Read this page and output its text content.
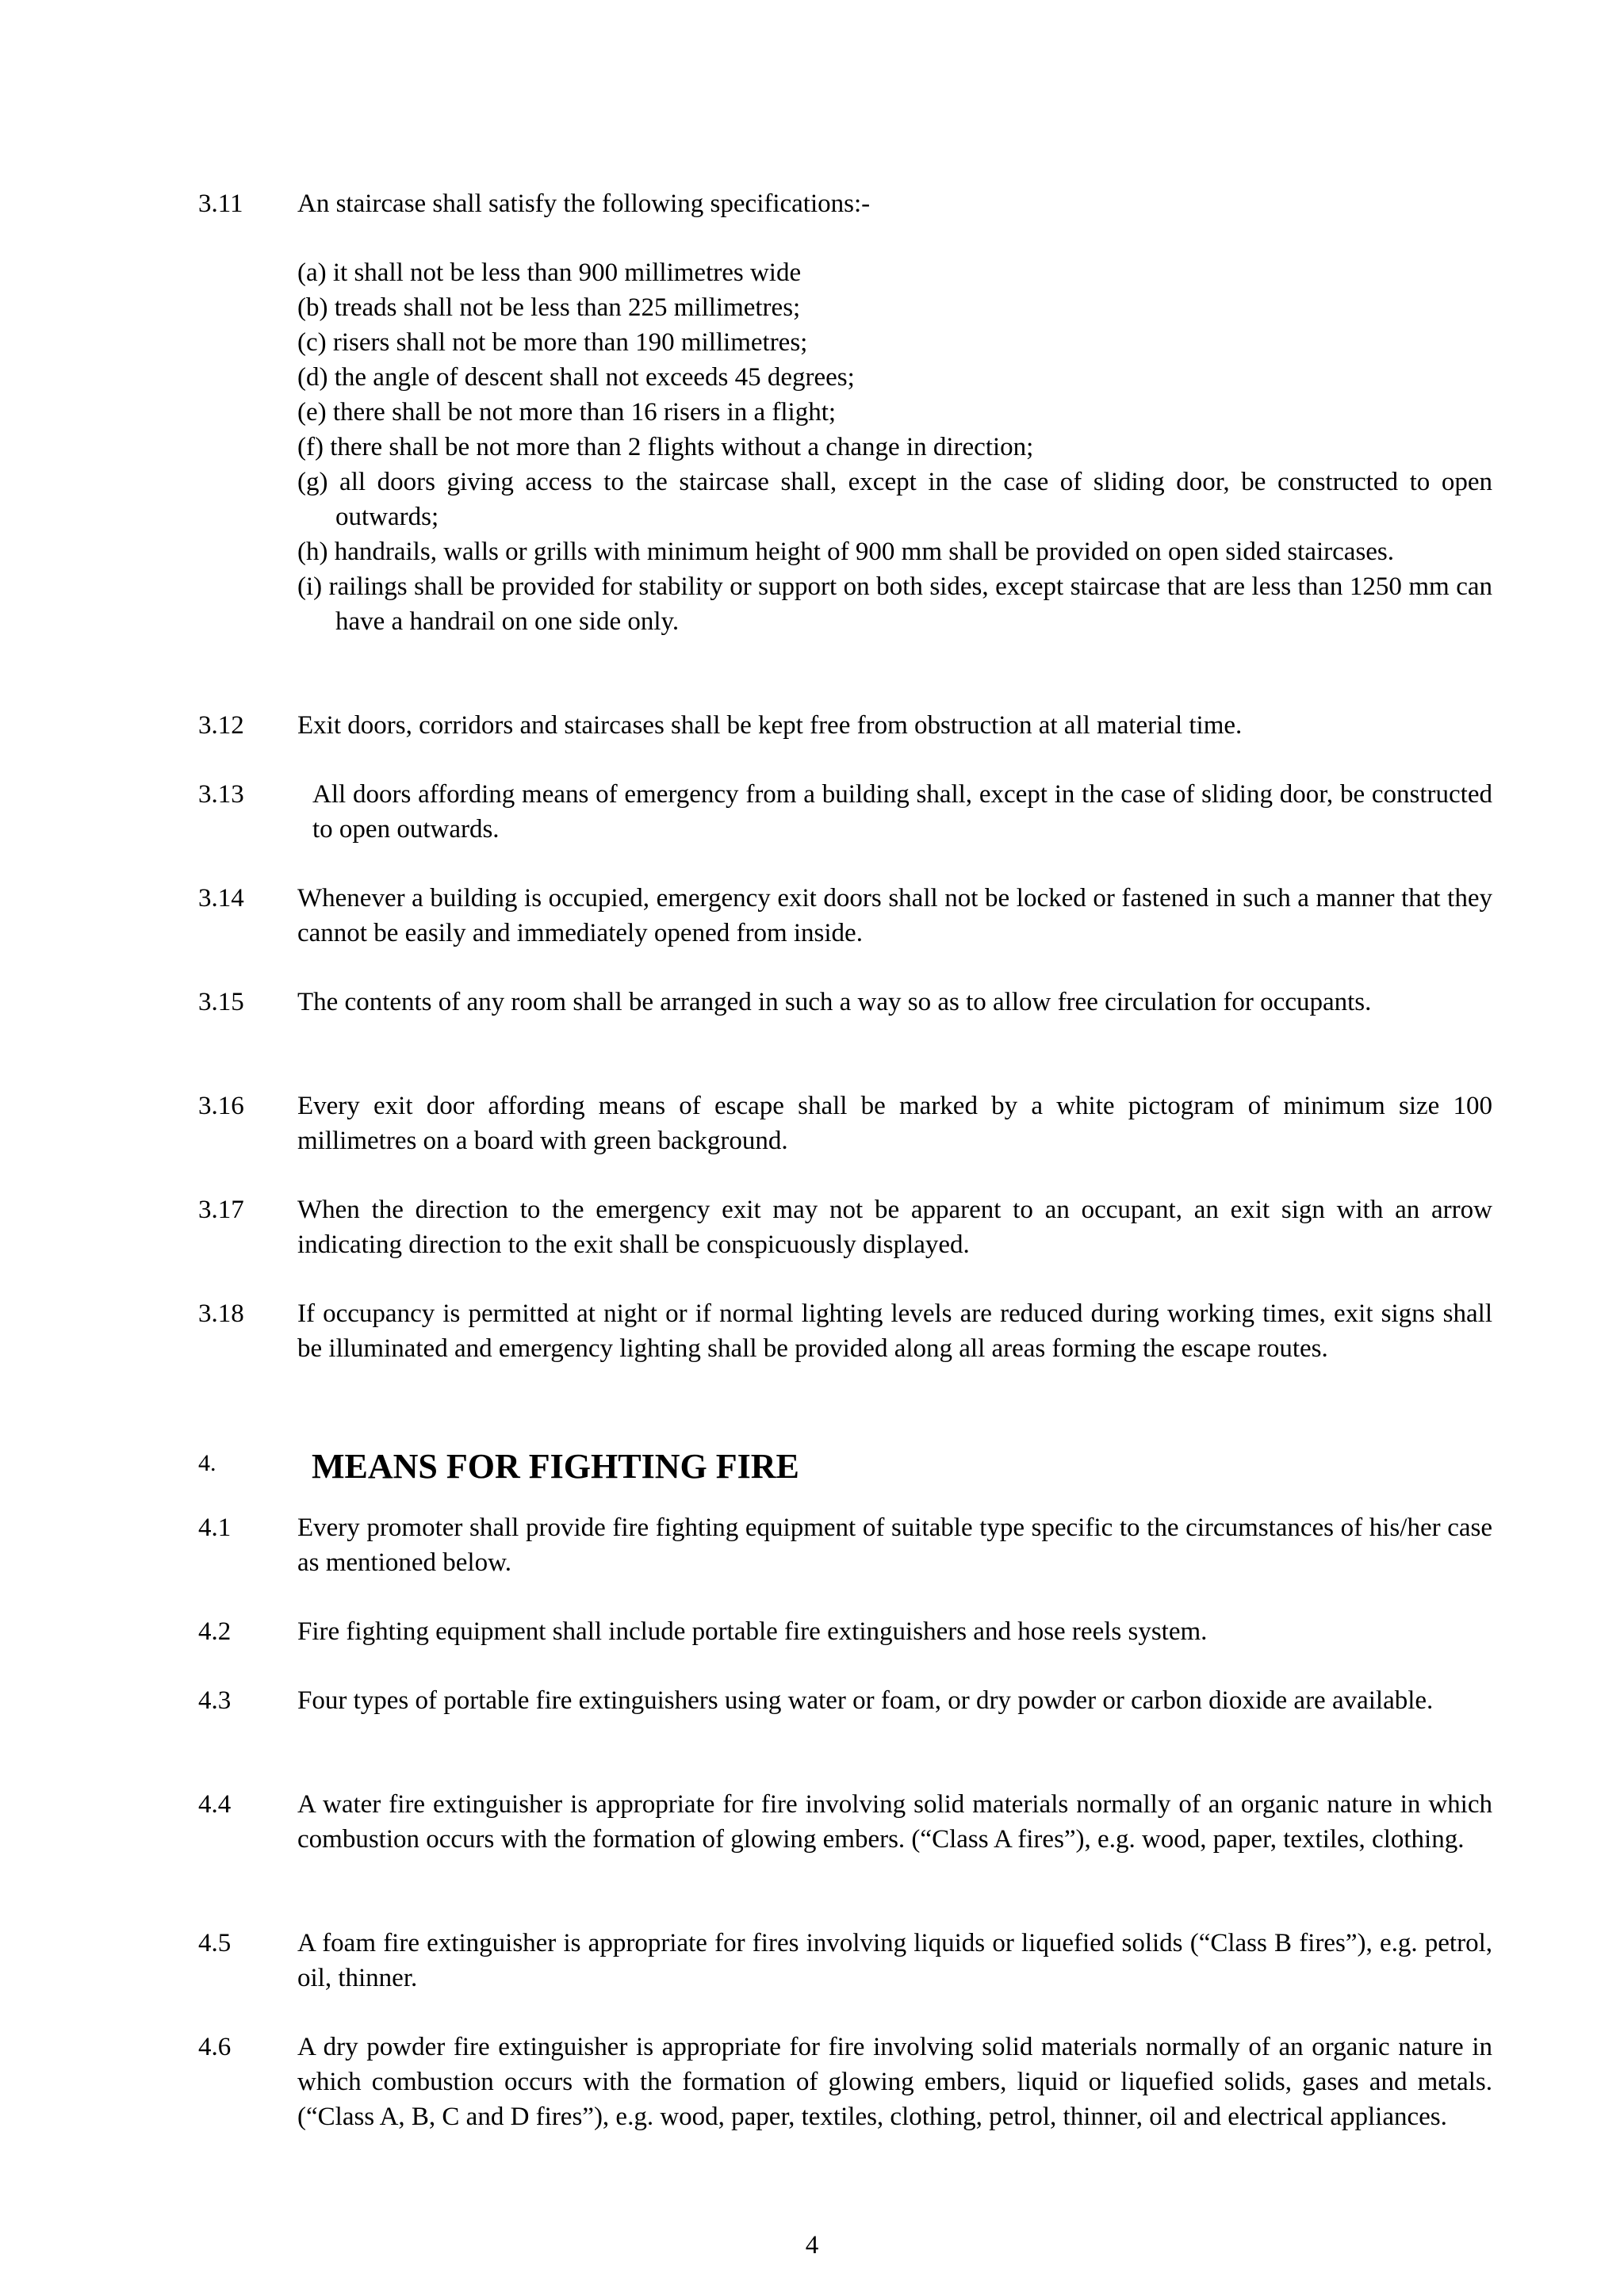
3.11	An staircase shall satisfy the following specifications:-
(a) it shall not be less than 900 millimetres wide
(b) treads shall not be less than 225 millimetres;
(c) risers shall not be more than 190 millimetres;
(d) the angle of descent shall not exceeds 45 degrees;
(e) there shall be not more than 16 risers in a flight;
(f) there shall be not more than 2 flights without a change in direction;
(g) all doors giving access to the staircase shall, except in the case of sliding door, be constructed to open outwards;
(h) handrails, walls or grills with minimum height of 900 mm shall be provided on open sided staircases.
(i) railings shall be provided for stability or support on both sides, except staircase that are less than 1250 mm can have a handrail on one side only.
3.12	Exit doors, corridors and staircases shall be kept free from obstruction at all material time.
3.13	All doors affording means of emergency from a building shall, except in the case of sliding door, be constructed to open outwards.
3.14	Whenever a building is occupied, emergency exit doors shall not be locked or fastened in such a manner that they cannot be easily and immediately opened from inside.
3.15	The contents of any room shall be arranged in such a way so as to allow free circulation for occupants.
3.16	Every exit door affording means of escape shall be marked by a white pictogram of minimum size 100 millimetres on a board with green background.
3.17	When the direction to the emergency exit may not be apparent to an occupant, an exit sign with an arrow indicating direction to the exit shall be conspicuously displayed.
3.18	If occupancy is permitted at night or if normal lighting levels are reduced during working times, exit signs shall be illuminated and emergency lighting shall be provided along all areas forming the escape routes.
4.	MEANS FOR FIGHTING FIRE
4.1	Every promoter shall provide fire fighting equipment of suitable type specific to the circumstances of his/her case as mentioned below.
4.2	Fire fighting equipment shall include portable fire extinguishers and hose reels system.
4.3	Four types of portable fire extinguishers using water or foam, or dry powder or carbon dioxide are available.
4.4	A water fire extinguisher is appropriate for fire involving solid materials normally of an organic nature in which combustion occurs with the formation of glowing embers. (“Class A fires”), e.g. wood, paper, textiles, clothing.
4.5	A foam fire extinguisher is appropriate for fires involving liquids or liquefied solids (“Class B fires”), e.g. petrol, oil, thinner.
4.6	A dry powder fire extinguisher is appropriate for fire involving solid materials normally of an organic nature in which combustion occurs with the formation of glowing embers, liquid or liquefied solids, gases and metals. (“Class A, B, C and D fires”), e.g. wood, paper, textiles, clothing, petrol, thinner, oil and electrical appliances.
4
